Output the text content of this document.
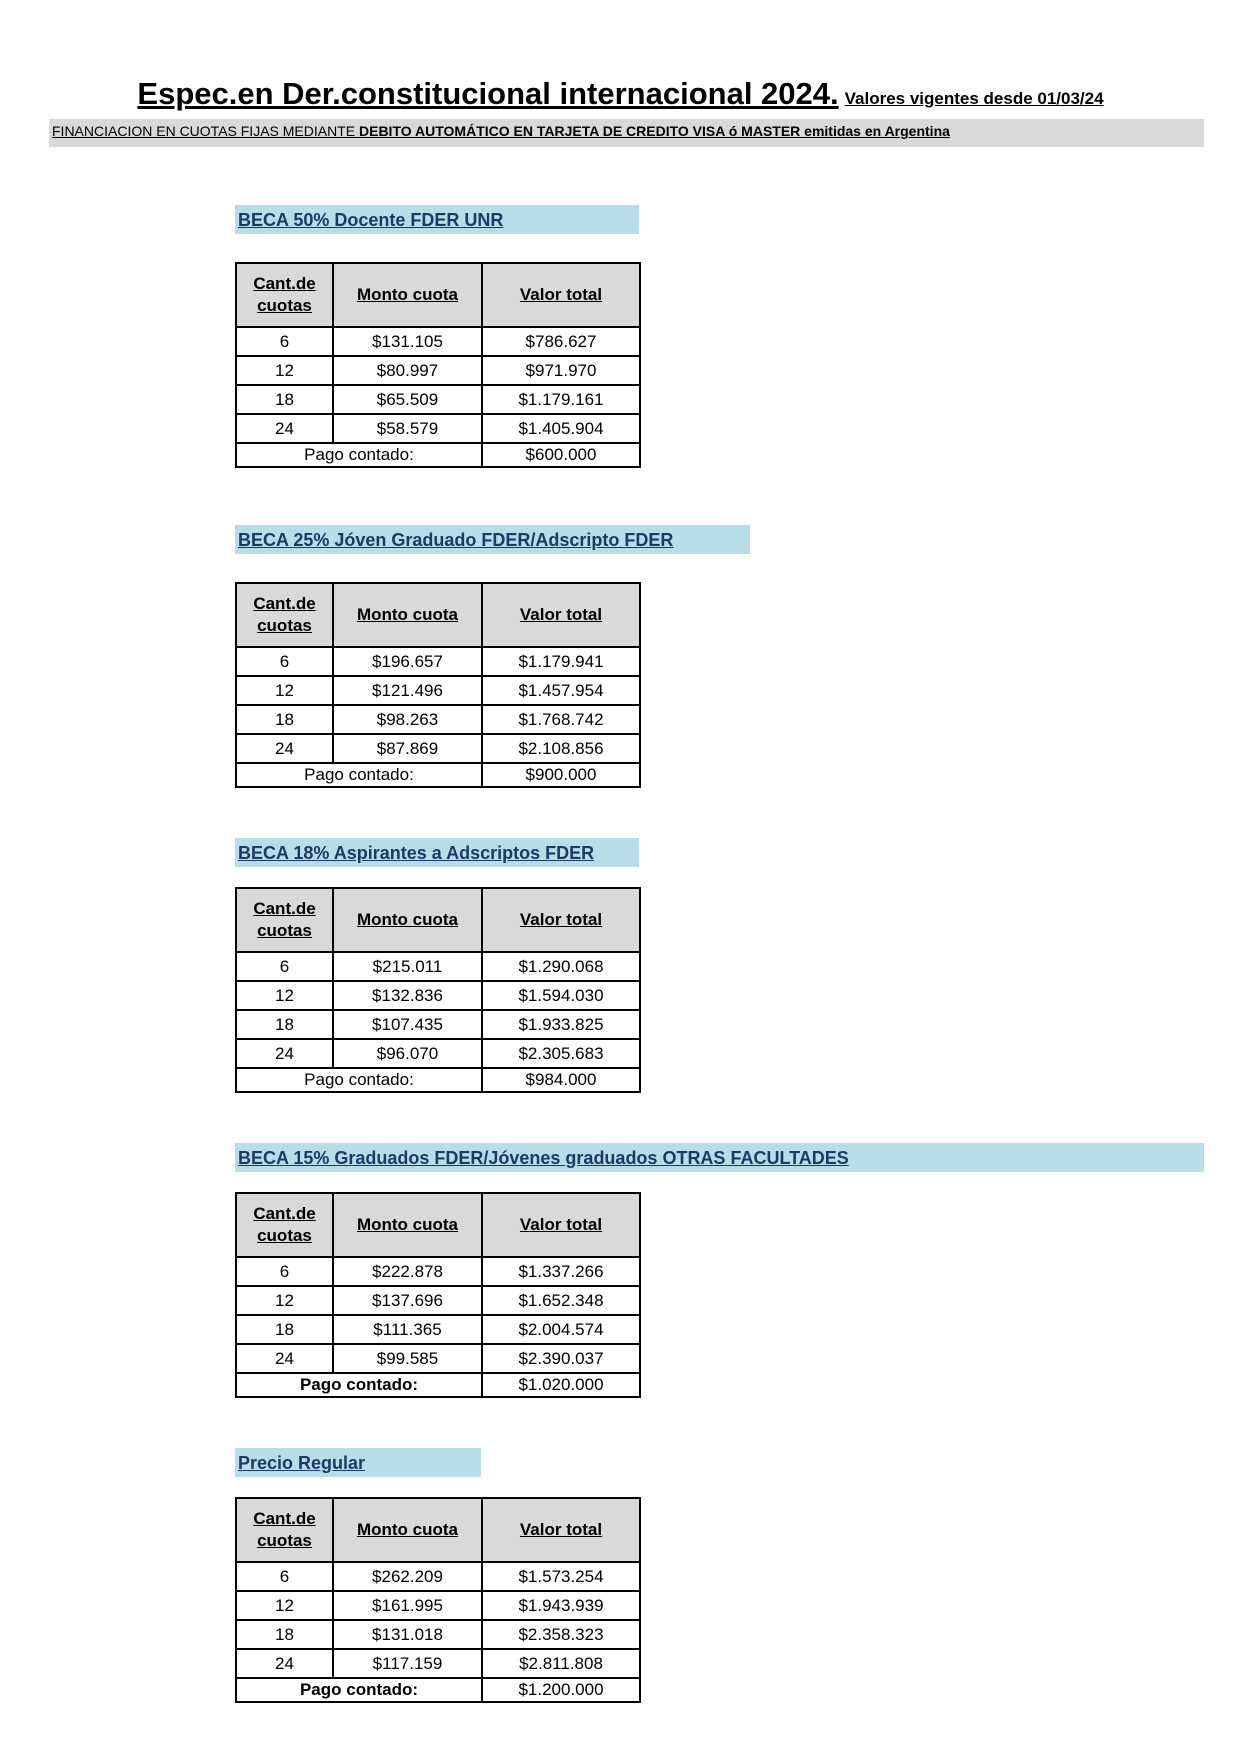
Espec.en Der.constitucional internacional 2024. Valores vigentes desde 01/03/24
FINANCIACION EN CUOTAS FIJAS MEDIANTE DEBITO AUTOMÁTICO EN TARJETA DE CREDITO VISA ó MASTER emitidas en Argentina
BECA 50% Docente FDER UNR
Cant.de cuotas	Monto cuota	Valor total
6	$131.105	$786.627
12	$80.997	$971.970
18	$65.509	$1.179.161
24	$58.579	$1.405.904
Pago contado:		$600.000
BECA 25% Jóven Graduado FDER/Adscripto FDER
Cant.de cuotas	Monto cuota	Valor total
6	$196.657	$1.179.941
12	$121.496	$1.457.954
18	$98.263	$1.768.742
24	$87.869	$2.108.856
Pago contado:		$900.000
BECA 18% Aspirantes a Adscriptos FDER
Cant.de cuotas	Monto cuota	Valor total
6	$215.011	$1.290.068
12	$132.836	$1.594.030
18	$107.435	$1.933.825
24	$96.070	$2.305.683
Pago contado:		$984.000
BECA 15% Graduados FDER/Jóvenes graduados OTRAS FACULTADES
Cant.de cuotas	Monto cuota	Valor total
6	$222.878	$1.337.266
12	$137.696	$1.652.348
18	$111.365	$2.004.574
24	$99.585	$2.390.037
Pago contado:		$1.020.000
Precio Regular
Cant.de cuotas	Monto cuota	Valor total
6	$262.209	$1.573.254
12	$161.995	$1.943.939
18	$131.018	$2.358.323
24	$117.159	$2.811.808
Pago contado:		$1.200.000
